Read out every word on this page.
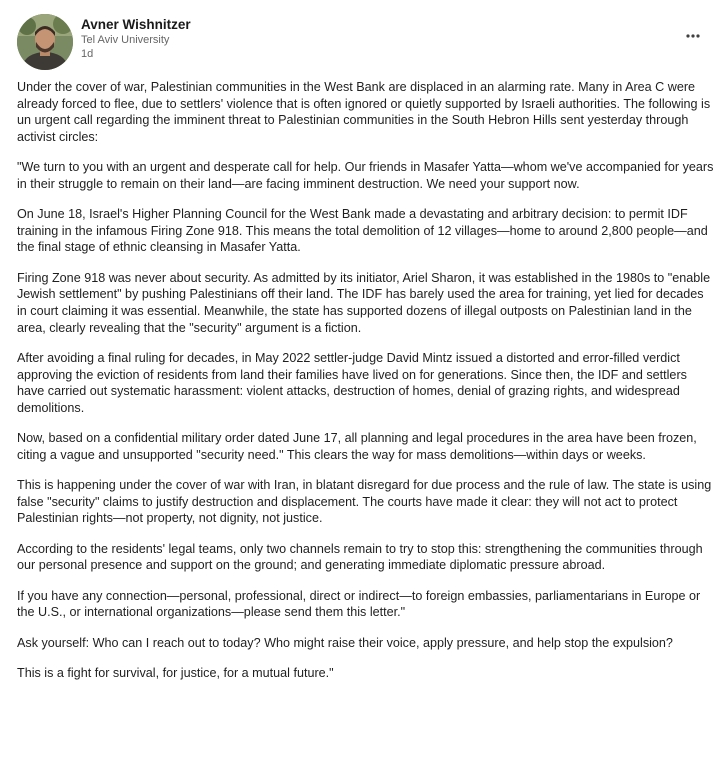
Avner Wishnitzer
Tel Aviv University
1d

Under the cover of war, Palestinian communities in the West Bank are displaced in an alarming rate. Many in Area C were
already forced to flee, due to settlers' violence that is often ignored or quietly supported by Israeli authorities. The following is
un urgent call regarding the imminent threat to Palestinian communities in the South Hebron Hills sent yesterday through
activist circles:

"We turn to you with an urgent and desperate call for help. Our friends in Masafer Yatta—whom we've accompanied for years
in their struggle to remain on their land—are facing imminent destruction. We need your support now.

On June 18, Israel's Higher Planning Council for the West Bank made a devastating and arbitrary decision: to permit IDF
training in the infamous Firing Zone 918. This means the total demolition of 12 villages—home to around 2,800 people—and
the final stage of ethnic cleansing in Masafer Yatta.

Firing Zone 918 was never about security. As admitted by its initiator, Ariel Sharon, it was established in the 1980s to "enable
Jewish settlement" by pushing Palestinians off their land. The IDF has barely used the area for training, yet lied for decades
in court claiming it was essential. Meanwhile, the state has supported dozens of illegal outposts on Palestinian land in the
area, clearly revealing that the "security" argument is a fiction.

After avoiding a final ruling for decades, in May 2022 settler-judge David Mintz issued a distorted and error-filled verdict
approving the eviction of residents from land their families have lived on for generations. Since then, the IDF and settlers
have carried out systematic harassment: violent attacks, destruction of homes, denial of grazing rights, and widespread
demolitions.

Now, based on a confidential military order dated June 17, all planning and legal procedures in the area have been frozen,
citing a vague and unsupported "security need." This clears the way for mass demolitions—within days or weeks.

This is happening under the cover of war with Iran, in blatant disregard for due process and the rule of law. The state is using
false "security" claims to justify destruction and displacement. The courts have made it clear: they will not act to protect
Palestinian rights—not property, not dignity, not justice.

According to the residents' legal teams, only two channels remain to try to stop this: strengthening the communities through
our personal presence and support on the ground; and generating immediate diplomatic pressure abroad.

If you have any connection—personal, professional, direct or indirect—to foreign embassies, parliamentarians in Europe or
the U.S., or international organizations—please send them this letter."

Ask yourself: Who can I reach out to today? Who might raise their voice, apply pressure, and help stop the expulsion?

This is a fight for survival, for justice, for a mutual future."
